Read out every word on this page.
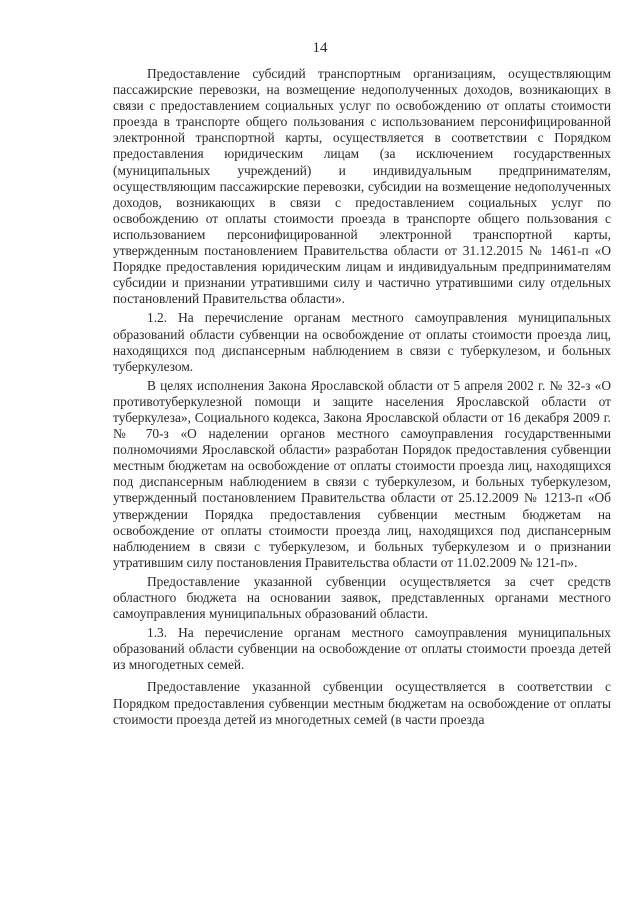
14

Предоставление субсидий транспортным организациям, осуществляющим пассажирские перевозки, на возмещение недополученных доходов, возникающих в связи с предоставлением социальных услуг по освобождению от оплаты стоимости проезда в транспорте общего пользования с использованием персонифицированной электронной транспортной карты, осуществляется в соответствии с Порядком предоставления юридическим лицам (за исключением государственных (муниципальных учреждений) и индивидуальным предпринимателям, осуществляющим пассажирские перевозки, субсидии на возмещение недополученных доходов, возникающих в связи с предоставлением социальных услуг по освобождению от оплаты стоимости проезда в транспорте общего пользования с использованием персонифицированной электронной транспортной карты, утвержденным постановлением Правительства области от 31.12.2015 № 1461-п «О Порядке предоставления юридическим лицам и индивидуальным предпринимателям субсидии и признании утратившими силу и частично утратившими силу отдельных постановлений Правительства области».

1.2. На перечисление органам местного самоуправления муниципальных образований области субвенции на освобождение от оплаты стоимости проезда лиц, находящихся под диспансерным наблюдением в связи с туберкулезом, и больных туберкулезом.

В целях исполнения Закона Ярославской области от 5 апреля 2002 г. № 32-з «О противотуберкулезной помощи и защите населения Ярославской области от туберкулеза», Социального кодекса, Закона Ярославской области от 16 декабря 2009 г. № 70-з «О наделении органов местного самоуправления государственными полномочиями Ярославской области» разработан Порядок предоставления субвенции местным бюджетам на освобождение от оплаты стоимости проезда лиц, находящихся под диспансерным наблюдением в связи с туберкулезом, и больных туберкулезом, утвержденный постановлением Правительства области от 25.12.2009 № 1213-п «Об утверждении Порядка предоставления субвенции местным бюджетам на освобождение от оплаты стоимости проезда лиц, находящихся под диспансерным наблюдением в связи с туберкулезом, и больных туберкулезом и о признании утратившим силу постановления Правительства области от 11.02.2009 № 121-п».

Предоставление указанной субвенции осуществляется за счет средств областного бюджета на основании заявок, представленных органами местного самоуправления муниципальных образований области.

1.3. На перечисление органам местного самоуправления муниципальных образований области субвенции на освобождение от оплаты стоимости проезда детей из многодетных семей.

Предоставление указанной субвенции осуществляется в соответствии с Порядком предоставления субвенции местным бюджетам на освобождение от оплаты стоимости проезда детей из многодетных семей (в части проезда
